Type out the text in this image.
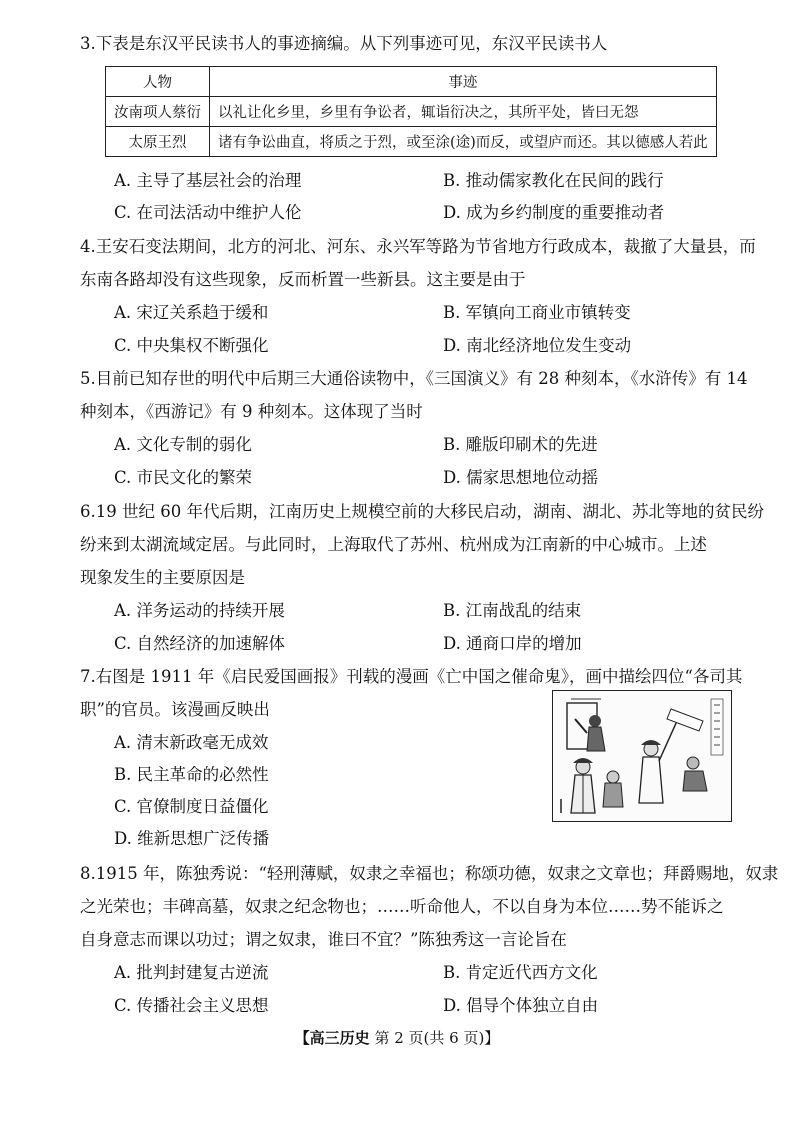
3.下表是东汉平民读书人的事迹摘编。从下列事迹可见，东汉平民读书人
人物	事迹
汝南项人蔡衍	以礼让化乡里，乡里有争讼者，辄诣衍决之，其所平处，皆曰无怨
太原王烈	诸有争讼曲直，将质之于烈，或至涂(途)而反，或望庐而还。其以德感人若此
A. 主导了基层社会的治理	B. 推动儒家教化在民间的践行
C. 在司法活动中维护人伦	D. 成为乡约制度的重要推动者
4.王安石变法期间，北方的河北、河东、永兴军等路为节省地方行政成本，裁撤了大量县，而
东南各路却没有这些现象，反而析置一些新县。这主要是由于
A. 宋辽关系趋于缓和	B. 军镇向工商业市镇转变
C. 中央集权不断强化	D. 南北经济地位发生变动
5.目前已知存世的明代中后期三大通俗读物中，《三国演义》有 28 种刻本，《水浒传》有 14
种刻本，《西游记》有 9 种刻本。这体现了当时
A. 文化专制的弱化	B. 雕版印刷术的先进
C. 市民文化的繁荣	D. 儒家思想地位动摇
6.19 世纪 60 年代后期，江南历史上规模空前的大移民启动，湖南、湖北、苏北等地的贫民纷
纷来到太湖流域定居。与此同时，上海取代了苏州、杭州成为江南新的中心城市。上述
现象发生的主要原因是
A. 洋务运动的持续开展	B. 江南战乱的结束
C. 自然经济的加速解体	D. 通商口岸的增加
7.右图是 1911 年《启民爱国画报》刊载的漫画《亡中国之催命鬼》，画中描绘四位“各司其
职”的官员。该漫画反映出
A. 清末新政毫无成效
B. 民主革命的必然性
C. 官僚制度日益僵化
D. 维新思想广泛传播
8.1915 年，陈独秀说：“轻刑薄赋，奴隶之幸福也；称颂功德，奴隶之文章也；拜爵赐地，奴隶
之光荣也；丰碑高墓，奴隶之纪念物也；……听命他人，不以自身为本位……势不能诉之
自身意志而课以功过；谓之奴隶，谁曰不宜？”陈独秀这一言论旨在
A. 批判封建复古逆流	B. 肯定近代西方文化
C. 传播社会主义思想	D. 倡导个体独立自由
【高三历史 第 2 页(共 6 页)】
